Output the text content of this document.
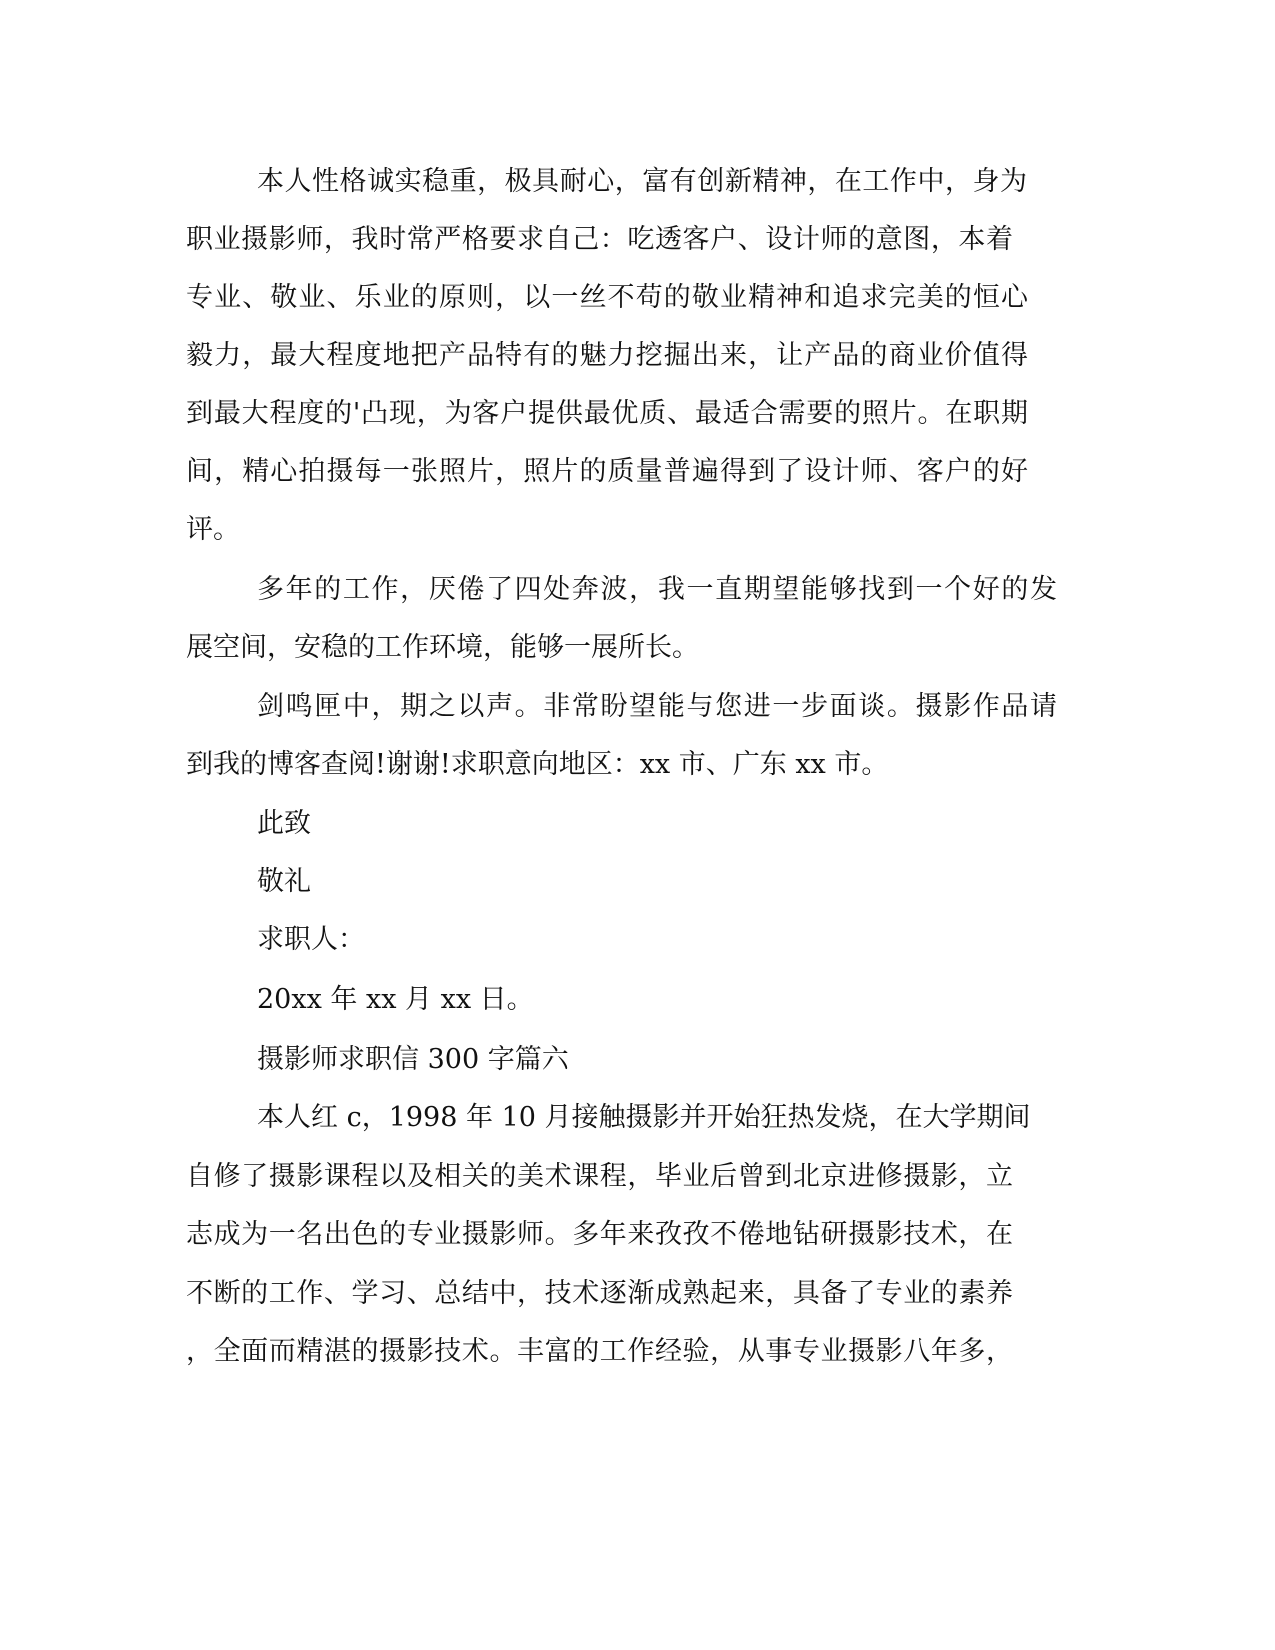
本人性格诚实稳重，极具耐心，富有创新精神，在工作中，身为
职业摄影师，我时常严格要求自己：吃透客户、设计师的意图，本着
专业、敬业、乐业的原则，以一丝不苟的敬业精神和追求完美的恒心
毅力，最大程度地把产品特有的魅力挖掘出来，让产品的商业价值得
到最大程度的'凸现，为客户提供最优质、最适合需要的照片。在职期
间，精心拍摄每一张照片，照片的质量普遍得到了设计师、客户的好
评。
多年的工作，厌倦了四处奔波，我一直期望能够找到一个好的发
展空间，安稳的工作环境，能够一展所长。
剑鸣匣中，期之以声。非常盼望能与您进一步面谈。摄影作品请
到我的博客查阅!谢谢!求职意向地区：xx 市、广东 xx 市。
此致
敬礼
求职人：
20xx 年 xx 月 xx 日。
摄影师求职信 300 字篇六
本人红 c，1998 年 10 月接触摄影并开始狂热发烧，在大学期间
自修了摄影课程以及相关的美术课程，毕业后曾到北京进修摄影，立
志成为一名出色的专业摄影师。多年来孜孜不倦地钻研摄影技术，在
不断的工作、学习、总结中，技术逐渐成熟起来，具备了专业的素养
，全面而精湛的摄影技术。丰富的工作经验，从事专业摄影八年多，
